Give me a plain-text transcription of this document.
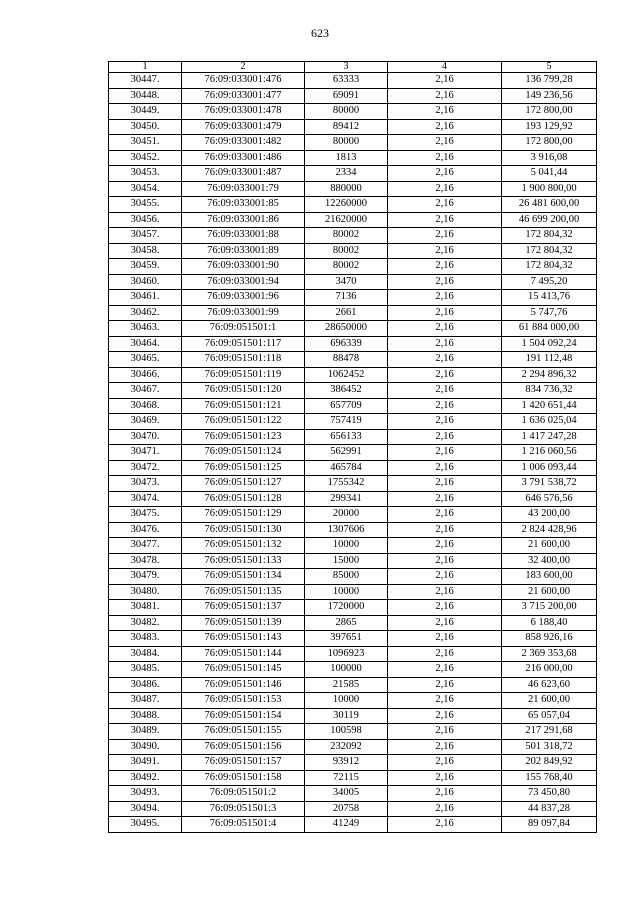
623
1	2	3	4	5
30447.	76:09:033001:476	63333	2,16	136 799,28
30448.	76:09:033001:477	69091	2,16	149 236,56
30449.	76:09:033001:478	80000	2,16	172 800,00
30450.	76:09:033001:479	89412	2,16	193 129,92
30451.	76:09:033001:482	80000	2,16	172 800,00
30452.	76:09:033001:486	1813	2,16	3 916,08
30453.	76:09:033001:487	2334	2,16	5 041,44
30454.	76:09:033001:79	880000	2,16	1 900 800,00
30455.	76:09:033001:85	12260000	2,16	26 481 600,00
30456.	76:09:033001:86	21620000	2,16	46 699 200,00
30457.	76:09:033001:88	80002	2,16	172 804,32
30458.	76:09:033001:89	80002	2,16	172 804,32
30459.	76:09:033001:90	80002	2,16	172 804,32
30460.	76:09:033001:94	3470	2,16	7 495,20
30461.	76:09:033001:96	7136	2,16	15 413,76
30462.	76:09:033001:99	2661	2,16	5 747,76
30463.	76:09:051501:1	28650000	2,16	61 884 000,00
30464.	76:09:051501:117	696339	2,16	1 504 092,24
30465.	76:09:051501:118	88478	2,16	191 112,48
30466.	76:09:051501:119	1062452	2,16	2 294 896,32
30467.	76:09:051501:120	386452	2,16	834 736,32
30468.	76:09:051501:121	657709	2,16	1 420 651,44
30469.	76:09:051501:122	757419	2,16	1 636 025,04
30470.	76:09:051501:123	656133	2,16	1 417 247,28
30471.	76:09:051501:124	562991	2,16	1 216 060,56
30472.	76:09:051501:125	465784	2,16	1 006 093,44
30473.	76:09:051501:127	1755342	2,16	3 791 538,72
30474.	76:09:051501:128	299341	2,16	646 576,56
30475.	76:09:051501:129	20000	2,16	43 200,00
30476.	76:09:051501:130	1307606	2,16	2 824 428,96
30477.	76:09:051501:132	10000	2,16	21 600,00
30478.	76:09:051501:133	15000	2,16	32 400,00
30479.	76:09:051501:134	85000	2,16	183 600,00
30480.	76:09:051501:135	10000	2,16	21 600,00
30481.	76:09:051501:137	1720000	2,16	3 715 200,00
30482.	76:09:051501:139	2865	2,16	6 188,40
30483.	76:09:051501:143	397651	2,16	858 926,16
30484.	76:09:051501:144	1096923	2,16	2 369 353,68
30485.	76:09:051501:145	100000	2,16	216 000,00
30486.	76:09:051501:146	21585	2,16	46 623,60
30487.	76:09:051501:153	10000	2,16	21 600,00
30488.	76:09:051501:154	30119	2,16	65 057,04
30489.	76:09:051501:155	100598	2,16	217 291,68
30490.	76:09:051501:156	232092	2,16	501 318,72
30491.	76:09:051501:157	93912	2,16	202 849,92
30492.	76:09:051501:158	72115	2,16	155 768,40
30493.	76:09:051501:2	34005	2,16	73 450,80
30494.	76:09:051501:3	20758	2,16	44 837,28
30495.	76:09:051501:4	41249	2,16	89 097,84
